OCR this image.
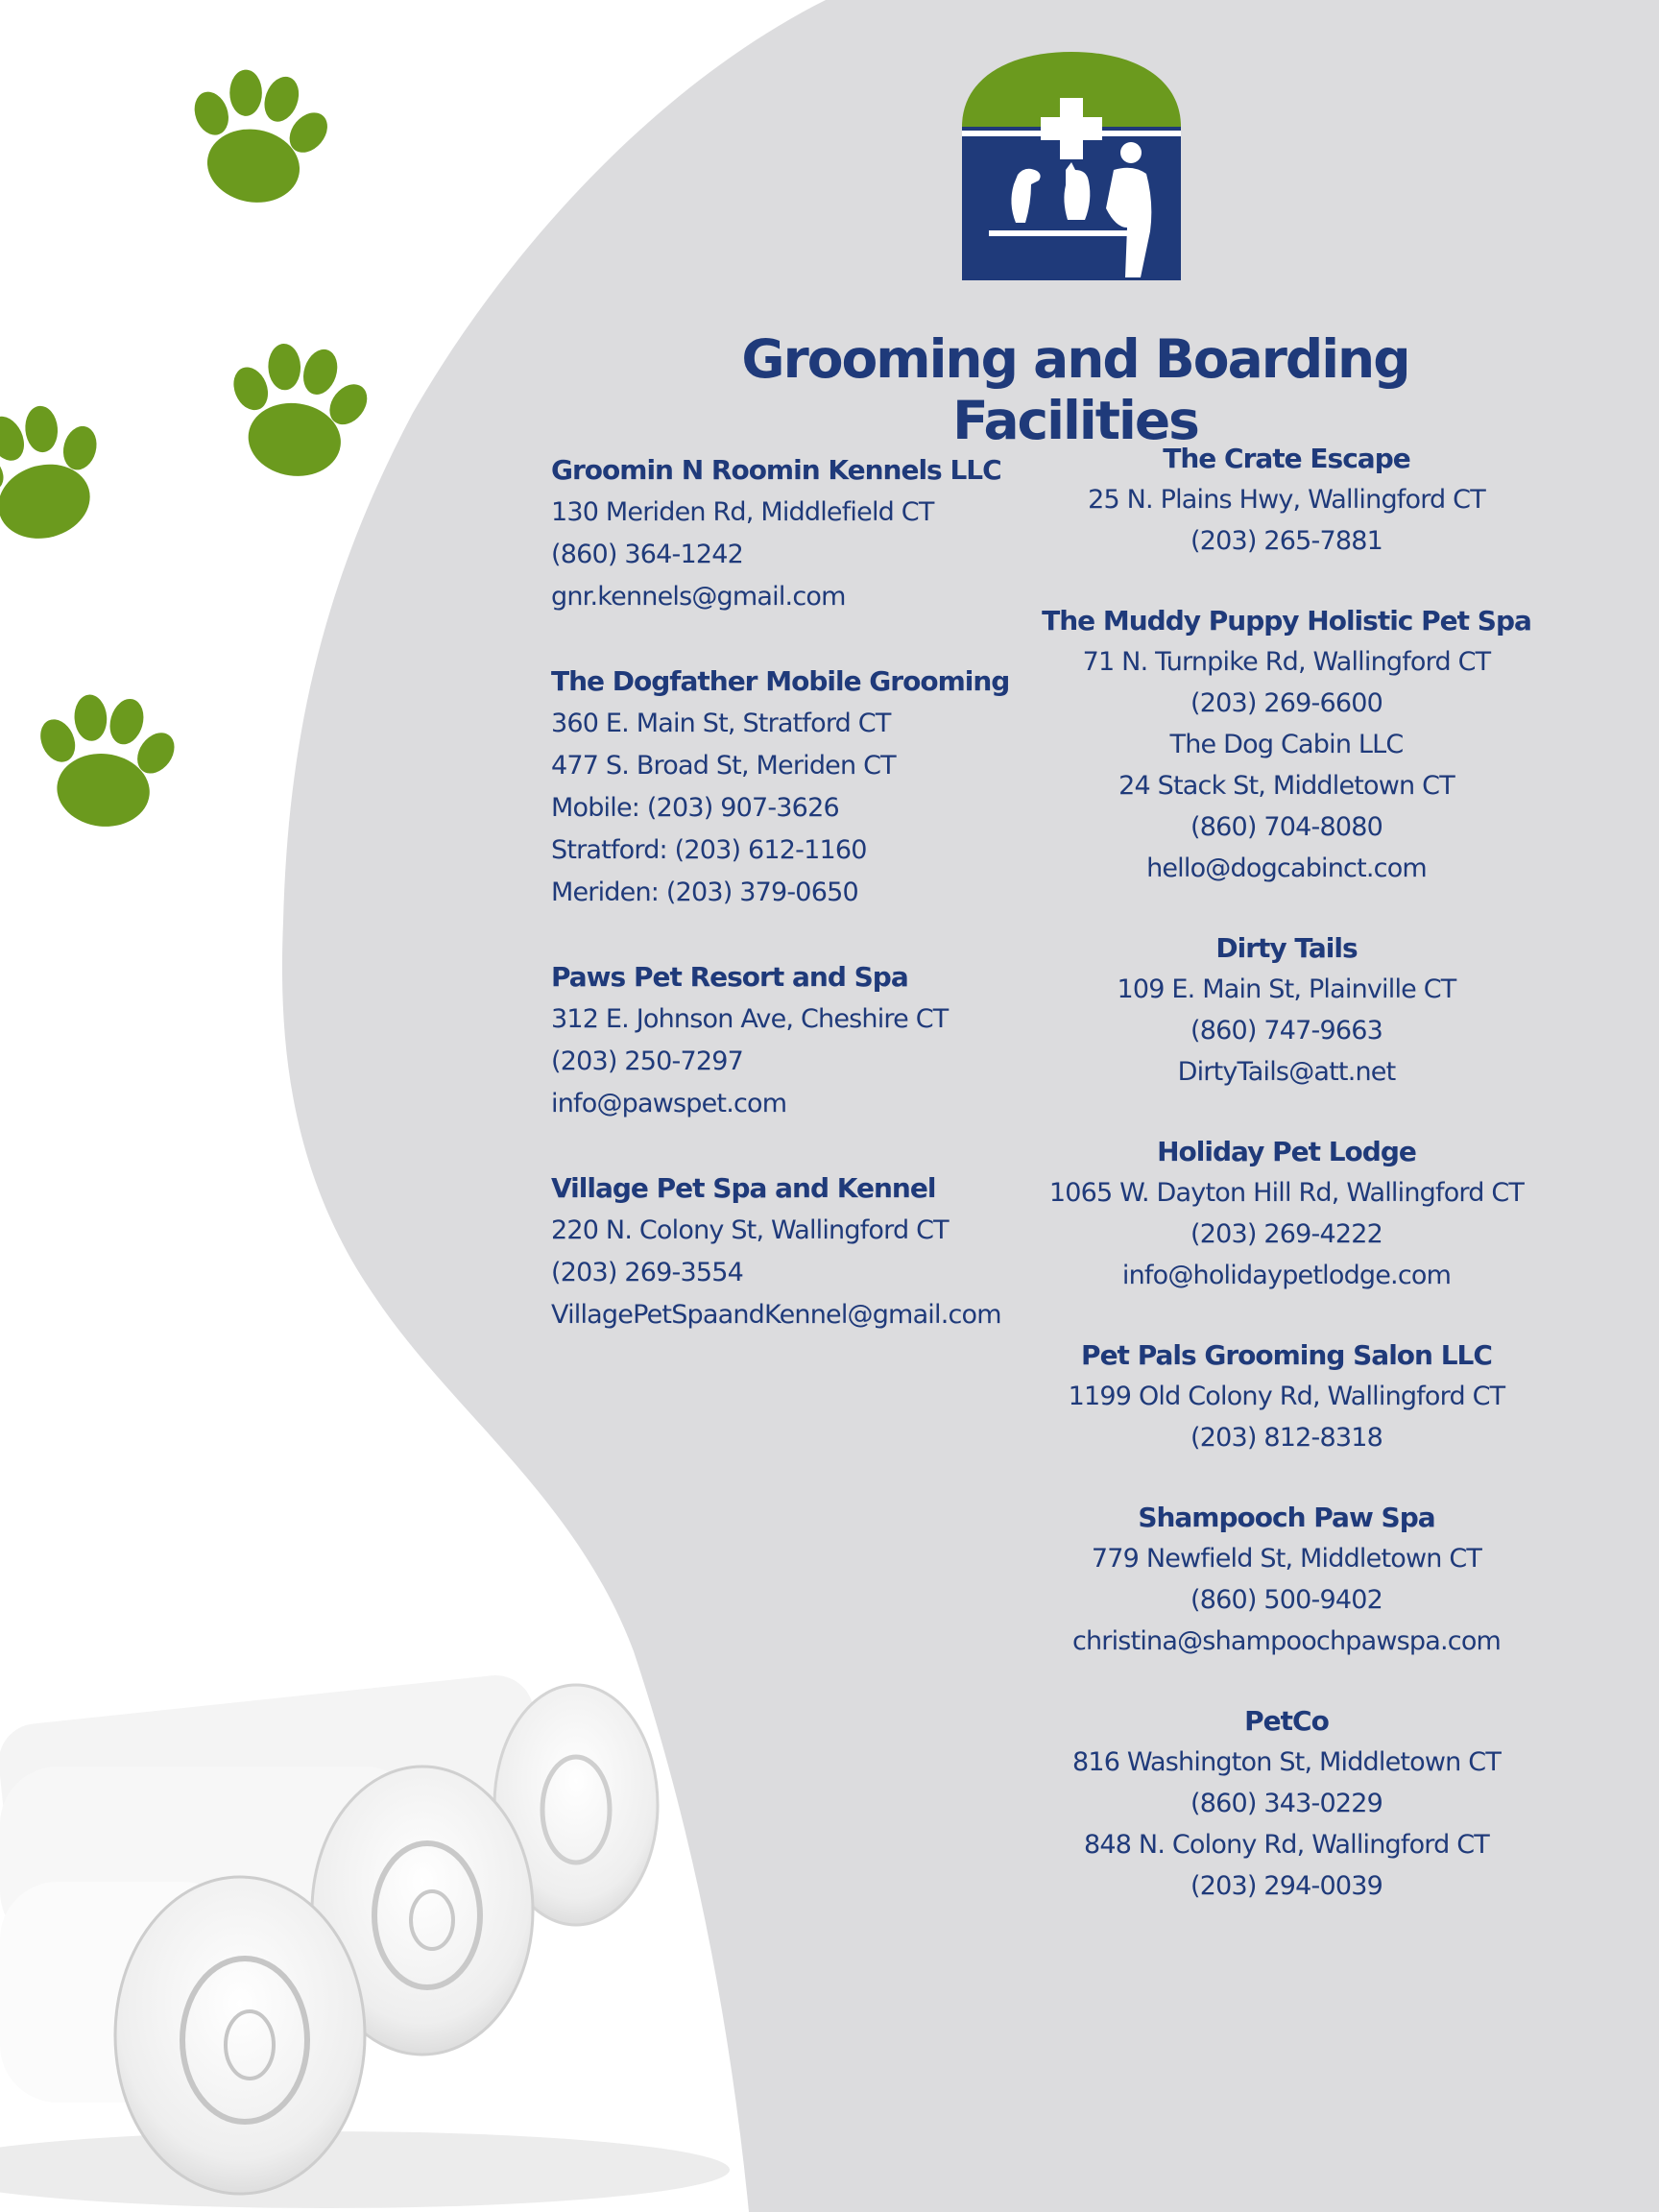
Grooming and Boarding Facilities
Groomin N Roomin Kennels LLC
130 Meriden Rd, Middlefield CT
(860) 364-1242
gnr.kennels@gmail.com
The Dogfather Mobile Grooming
360 E. Main St, Stratford CT
477 S. Broad St, Meriden CT
Mobile: (203) 907-3626
Stratford: (203) 612-1160
Meriden: (203) 379-0650
Paws Pet Resort and Spa
312 E. Johnson Ave, Cheshire CT
(203) 250-7297
info@pawspet.com
Village Pet Spa and Kennel
220 N. Colony St, Wallingford CT
(203) 269-3554
VillagePetSpaandKennel@gmail.com
The Crate Escape
25 N. Plains Hwy, Wallingford CT
(203) 265-7881
The Muddy Puppy Holistic Pet Spa
71 N. Turnpike Rd, Wallingford CT
(203) 269-6600
The Dog Cabin LLC
24 Stack St, Middletown CT
(860) 704-8080
hello@dogcabinct.com
Dirty Tails
109 E. Main St, Plainville CT
(860) 747-9663
DirtyTails@att.net
Holiday Pet Lodge
1065 W. Dayton Hill Rd, Wallingford CT
(203) 269-4222
info@holidaypetlodge.com
Pet Pals Grooming Salon LLC
1199 Old Colony Rd, Wallingford CT
(203) 812-8318
Shampooch Paw Spa
779 Newfield St, Middletown CT
(860) 500-9402
christina@shampoochpawspa.com
PetCo
816 Washington St, Middletown CT
(860) 343-0229
848 N. Colony Rd, Wallingford CT
(203) 294-0039
